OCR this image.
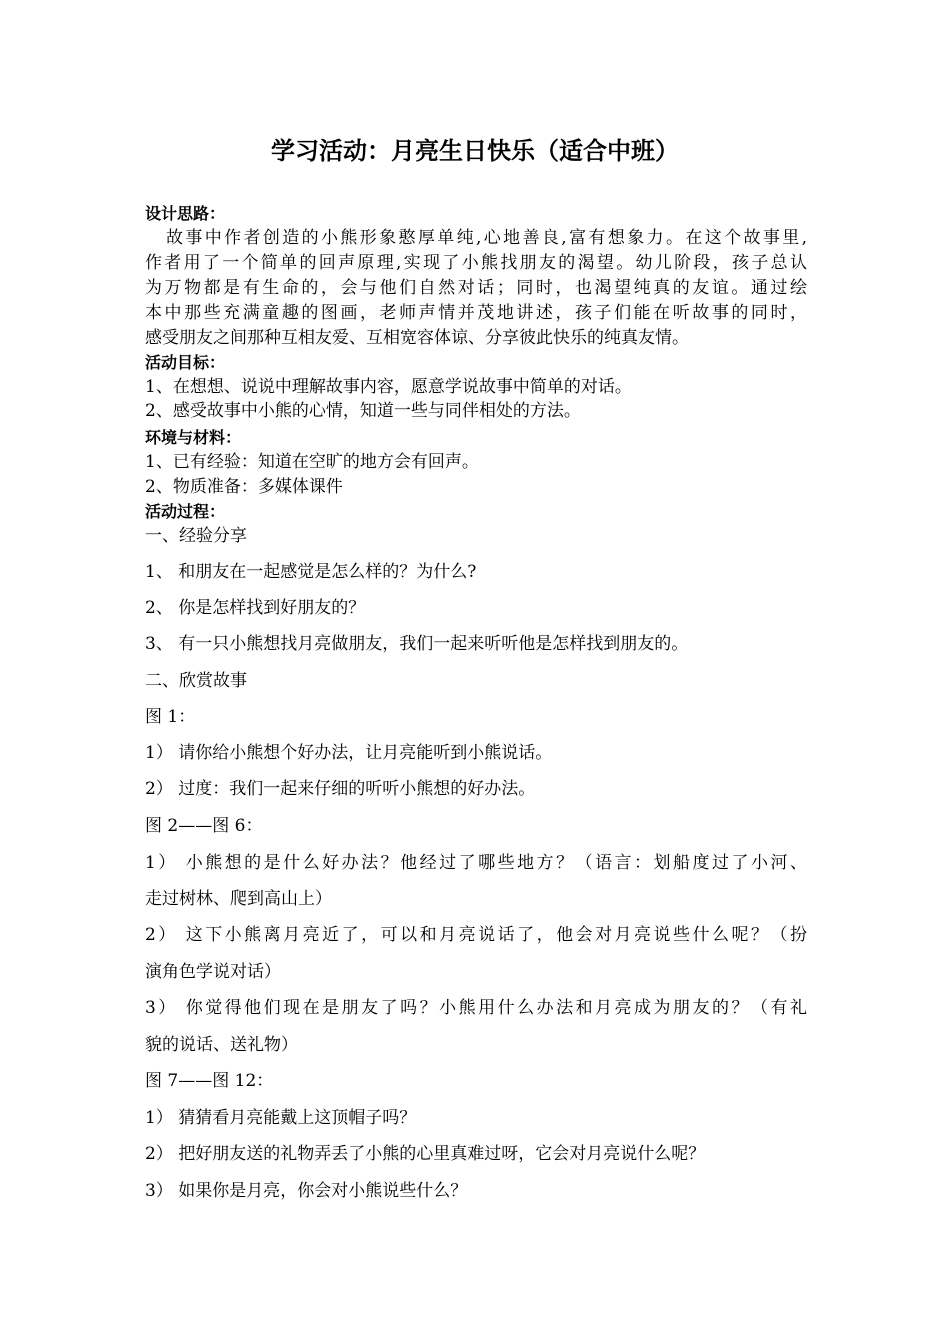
学习活动：月亮生日快乐（适合中班）
设计思路：
故事中作者创造的小熊形象憨厚单纯,心地善良,富有想象力。在这个故事里,
作者用了一个简单的回声原理,实现了小熊找朋友的渴望。幼儿阶段，孩子总认
为万物都是有生命的，会与他们自然对话；同时，也渴望纯真的友谊。通过绘
本中那些充满童趣的图画，老师声情并茂地讲述，孩子们能在听故事的同时，
感受朋友之间那种互相友爱、互相宽容体谅、分享彼此快乐的纯真友情。
活动目标：
1、在想想、说说中理解故事内容，愿意学说故事中简单的对话。
2、感受故事中小熊的心情，知道一些与同伴相处的方法。
环境与材料：
1、已有经验：知道在空旷的地方会有回声。
2、物质准备：多媒体课件
活动过程：
一、经验分享
1、 和朋友在一起感觉是怎么样的？为什么?
2、 你是怎样找到好朋友的？
3、 有一只小熊想找月亮做朋友，我们一起来听听他是怎样找到朋友的。
二、欣赏故事
图 1：
1） 请你给小熊想个好办法，让月亮能听到小熊说话。
2） 过度：我们一起来仔细的听听小熊想的好办法。
图 2——图 6：
1） 小熊想的是什么好办法？他经过了哪些地方？（语言：划船度过了小河、
走过树林、爬到高山上）
2） 这下小熊离月亮近了，可以和月亮说话了，他会对月亮说些什么呢？（扮
演角色学说对话）
3） 你觉得他们现在是朋友了吗？小熊用什么办法和月亮成为朋友的？（有礼
貌的说话、送礼物）
图 7——图 12：
1） 猜猜看月亮能戴上这顶帽子吗？
2） 把好朋友送的礼物弄丢了小熊的心里真难过呀，它会对月亮说什么呢？
3） 如果你是月亮，你会对小熊说些什么？
